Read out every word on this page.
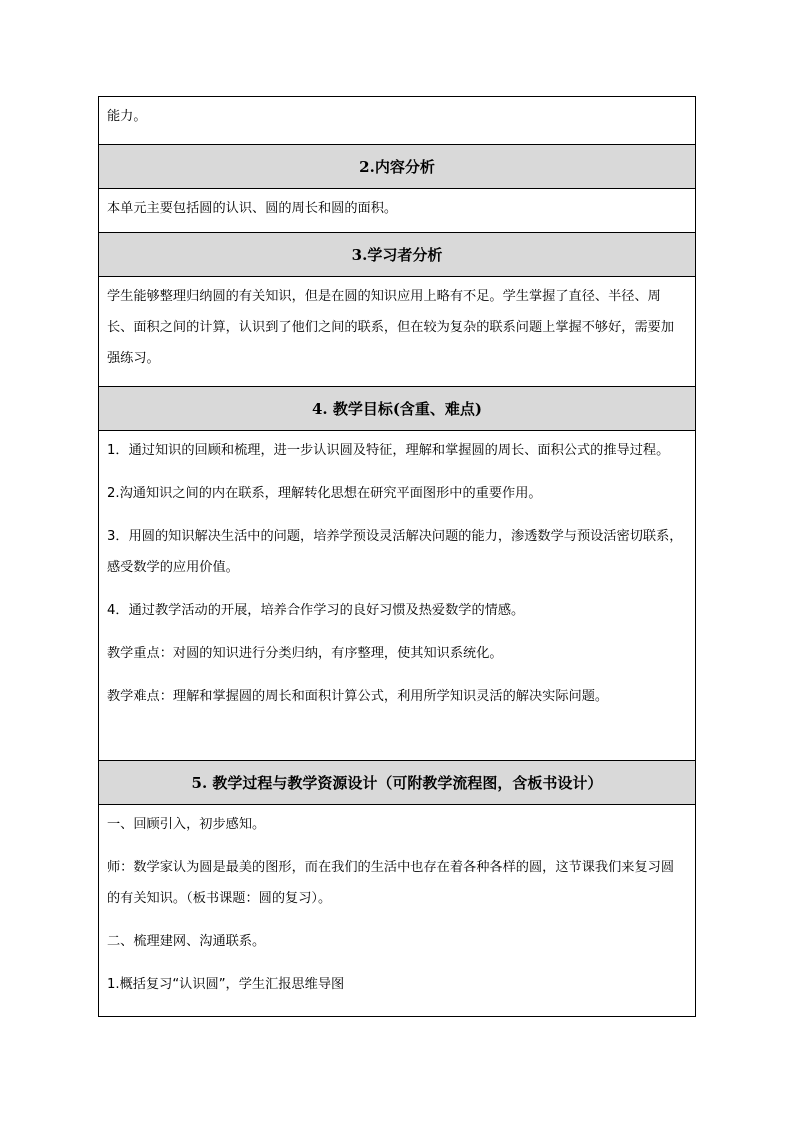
能力。

2.内容分析

本单元主要包括圆的认识、圆的周长和圆的面积。

3.学习者分析

学生能够整理归纳圆的有关知识，但是在圆的知识应用上略有不足。学生掌握了直径、半径、周长、面积之间的计算，认识到了他们之间的联系，但在较为复杂的联系问题上掌握不够好，需要加强练习。

4. 教学目标(含重、难点)

1．通过知识的回顾和梳理，进一步认识圆及特征，理解和掌握圆的周长、面积公式的推导过程。

2.沟通知识之间的内在联系，理解转化思想在研究平面图形中的重要作用。

3．用圆的知识解决生活中的问题，培养学预设灵活解决问题的能力，渗透数学与预设活密切联系，感受数学的应用价值。

4．通过教学活动的开展，培养合作学习的良好习惯及热爱数学的情感。

教学重点：对圆的知识进行分类归纳，有序整理，使其知识系统化。

教学难点：理解和掌握圆的周长和面积计算公式，利用所学知识灵活的解决实际问题。

5. 教学过程与教学资源设计（可附教学流程图，含板书设计）

一、回顾引入，初步感知。

师：数学家认为圆是最美的图形，而在我们的生活中也存在着各种各样的圆，这节课我们来复习圆的有关知识。（板书课题：圆的复习）。

二、梳理建网、沟通联系。

1.概括复习“认识圆”，学生汇报思维导图
